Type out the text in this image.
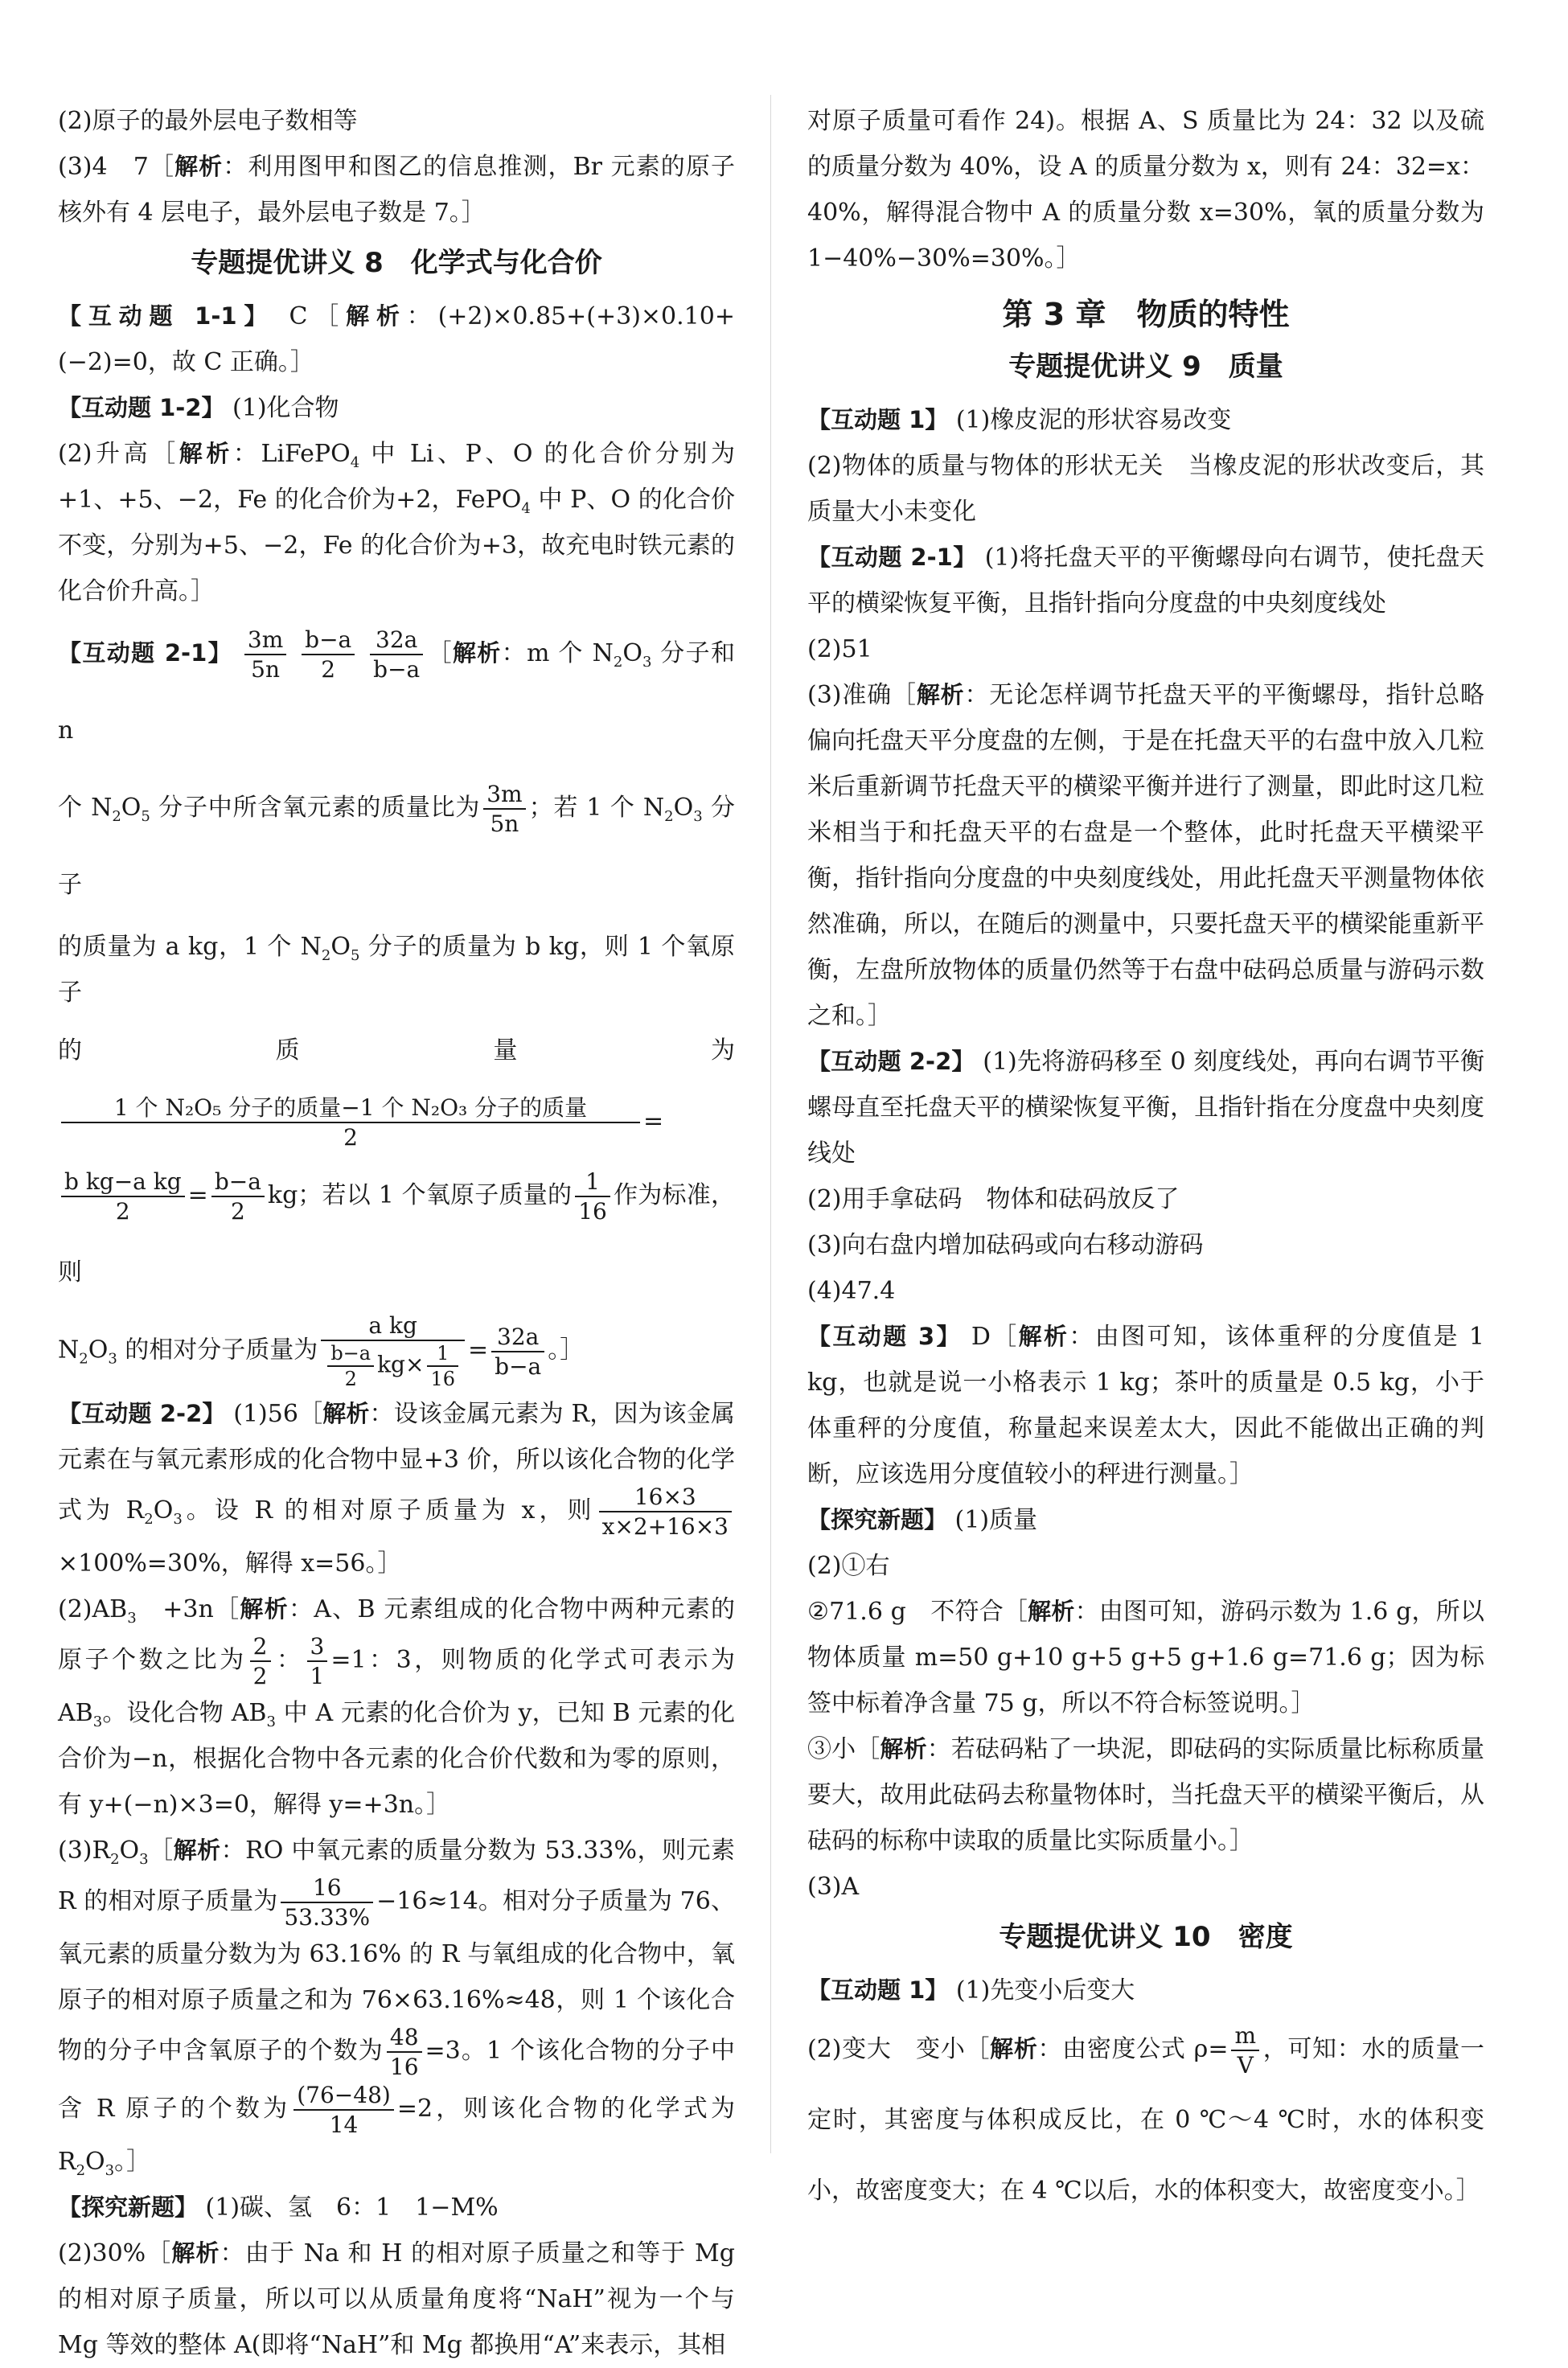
(2)原子的最外层电子数相等

(3)4　7［解析：利用图甲和图乙的信息推测，Br 元素的原子核外有 4 层电子，最外层电子数是 7。］

专题提优讲义 8　化学式与化合价

【互动题 1-1】 C［解析：(+2)×0.85+(+3)×0.10+(−2)=0，故 C 正确。］

【互动题 1-2】 (1)化合物

(2)升高［解析：LiFePO$_4$ 中 Li、P、O 的化合价分别为+1、+5、−2，Fe 的化合价为+2，FePO$_4$ 中 P、O 的化合价不变，分别为+5、−2，Fe 的化合价为+3，故充电时铁元素的化合价升高。］

【互动题 2-1】 $\frac{3m}{5n}$
$\frac{b-a}{2}$
$\frac{32a}{b-a}$ ［解析：m 个 $N_2O_3$ 分子和 n

个 $N_2O_5$ 分子中所含氧元素的质量比为 $\frac{3m}{5n}$ ；若 1 个 $N_2O_3$ 分子

的质量为 a kg，1 个 $N_2O_5$ 分子的质量为 b kg，则 1 个氧原子

的质量为
$\frac{\text{1 个 N₂O₅ 分子的质量−1 个 N₂O₃ 分子的质量}}{2}$ =

$\frac{\text{b kg−a kg}}{2} = \frac{b-a}{2}$ kg；若以 1 个氧原子质量的 $\frac{1}{16}$ 作为标准，则

$N_2O_3$ 的相对分子质量为 $\frac{\text{a kg}}{\frac{b-a}{2} kg\times \frac{1}{16}} = \frac{32a}{b-a}$ 。］

【互动题 2-2】 (1)56［解析：设该金属元素为 R，因为该金属元素在与氧元素形成的化合物中显+3 价，所以该化合物的化学式为 $R_2O_3$。设 R 的相对原子质量为 x，则 $\frac{16\times 3}{x\times 2+16\times 3}$
×100%=30%，解得 x=56。］

$(2)AB_3$　+3n［解析：A、B 元素组成的化合物中两种元素的原子个数之比为 $\frac{2}{2}$ ： $\frac{3}{1} =1$：3，则物质的化学式可表示为 $AB_3$。设化合物 $AB_3$ 中 A 元素的化合价为 y，已知 B 元素的化合价为−n，根据化合物中各元素的化合价代数和为零的原则，有 y+(−n)×3=0，解得 y=+3n。］

$(3)R_2O_3[$解析：RO 中氧元素的质量分数为 53.33%，则元素 R 的相对原子质量为 $\frac{16}{53.33\%} -16\approx 14$。相对分子质量为 76、氧元素的质量分数为为 63.16% 的 R 与氧组成的化合物中，氧原子的相对原子质量之和为 76×63.16%≈48，则 1 个该化合物的分子中含氧原子的个数为 $\frac{48}{16} =3$。1 个该化合物的分子中含 R 原子的个数为 $\frac{(76-48)}{14} =2$，则该化合物的化学式为 $R_2O_3$。］

【探究新题】 (1)碳、氢　6：1　1−M%

(2)30%［解析：由于 Na 和 H 的相对原子质量之和等于 Mg 的相对原子质量，所以可以从质量角度将“NaH”视为一个与 Mg 等效的整体 A(即将“NaH”和 Mg 都换用“A”来表示，其相

对原子质量可看作 24)。根据 A、S 质量比为 24：32 以及硫的质量分数为 40%，设 A 的质量分数为 x，则有 24：32=x：40%，解得混合物中 A 的质量分数 x=30%，氧的质量分数为 1−40%−30%=30%。］

第 3 章　物质的特性
专题提优讲义 9　质量

【互动题 1】 (1)橡皮泥的形状容易改变

(2)物体的质量与物体的形状无关　当橡皮泥的形状改变后，其质量大小未变化

【互动题 2-1】 (1)将托盘天平的平衡螺母向右调节，使托盘天平的横梁恢复平衡，且指针指向分度盘的中央刻度线处

(2)51

(3)准确［解析：无论怎样调节托盘天平的平衡螺母，指针总略偏向托盘天平分度盘的左侧，于是在托盘天平的右盘中放入几粒米后重新调节托盘天平的横梁平衡并进行了测量，即此时这几粒米相当于和托盘天平的右盘是一个整体，此时托盘天平横梁平衡，指针指向分度盘的中央刻度线处，用此托盘天平测量物体依然准确，所以，在随后的测量中，只要托盘天平的横梁能重新平衡，左盘所放物体的质量仍然等于右盘中砝码总质量与游码示数之和。］

【互动题 2-2】 (1)先将游码移至 0 刻度线处，再向右调节平衡螺母直至托盘天平的横梁恢复平衡，且指针指在分度盘中央刻度线处

(2)用手拿砝码　物体和砝码放反了

(3)向右盘内增加砝码或向右移动游码

(4)47.4

【互动题 3】 D［解析：由图可知，该体重秤的分度值是 1 kg，也就是说一小格表示 1 kg；茶叶的质量是 0.5 kg，小于体重秤的分度值，称量起来误差太大，因此不能做出正确的判断，应该选用分度值较小的秤进行测量。］

【探究新题】 (1)质量

(2)①右

②71.6 g　不符合［解析：由图可知，游码示数为 1.6 g，所以物体质量 m=50 g+10 g+5 g+5 g+1.6 g=71.6 g；因为标签中标着净含量 75 g，所以不符合标签说明。］

③小［解析：若砝码粘了一块泥，即砝码的实际质量比标称质量要大，故用此砝码去称量物体时，当托盘天平的横梁平衡后，从砝码的标称中读取的质量比实际质量小。］

(3)A

专题提优讲义 10　密度

【互动题 1】 (1)先变小后变大

(2)变大　变小［解析：由密度公式 $\rho= \frac{m}{V}$ ，可知：水的质量一定时，其密度与体积成反比，在 0 ℃～4 ℃时，水的体积变小，故密度变大；在 4 ℃以后，水的体积变大，故密度变小。］
